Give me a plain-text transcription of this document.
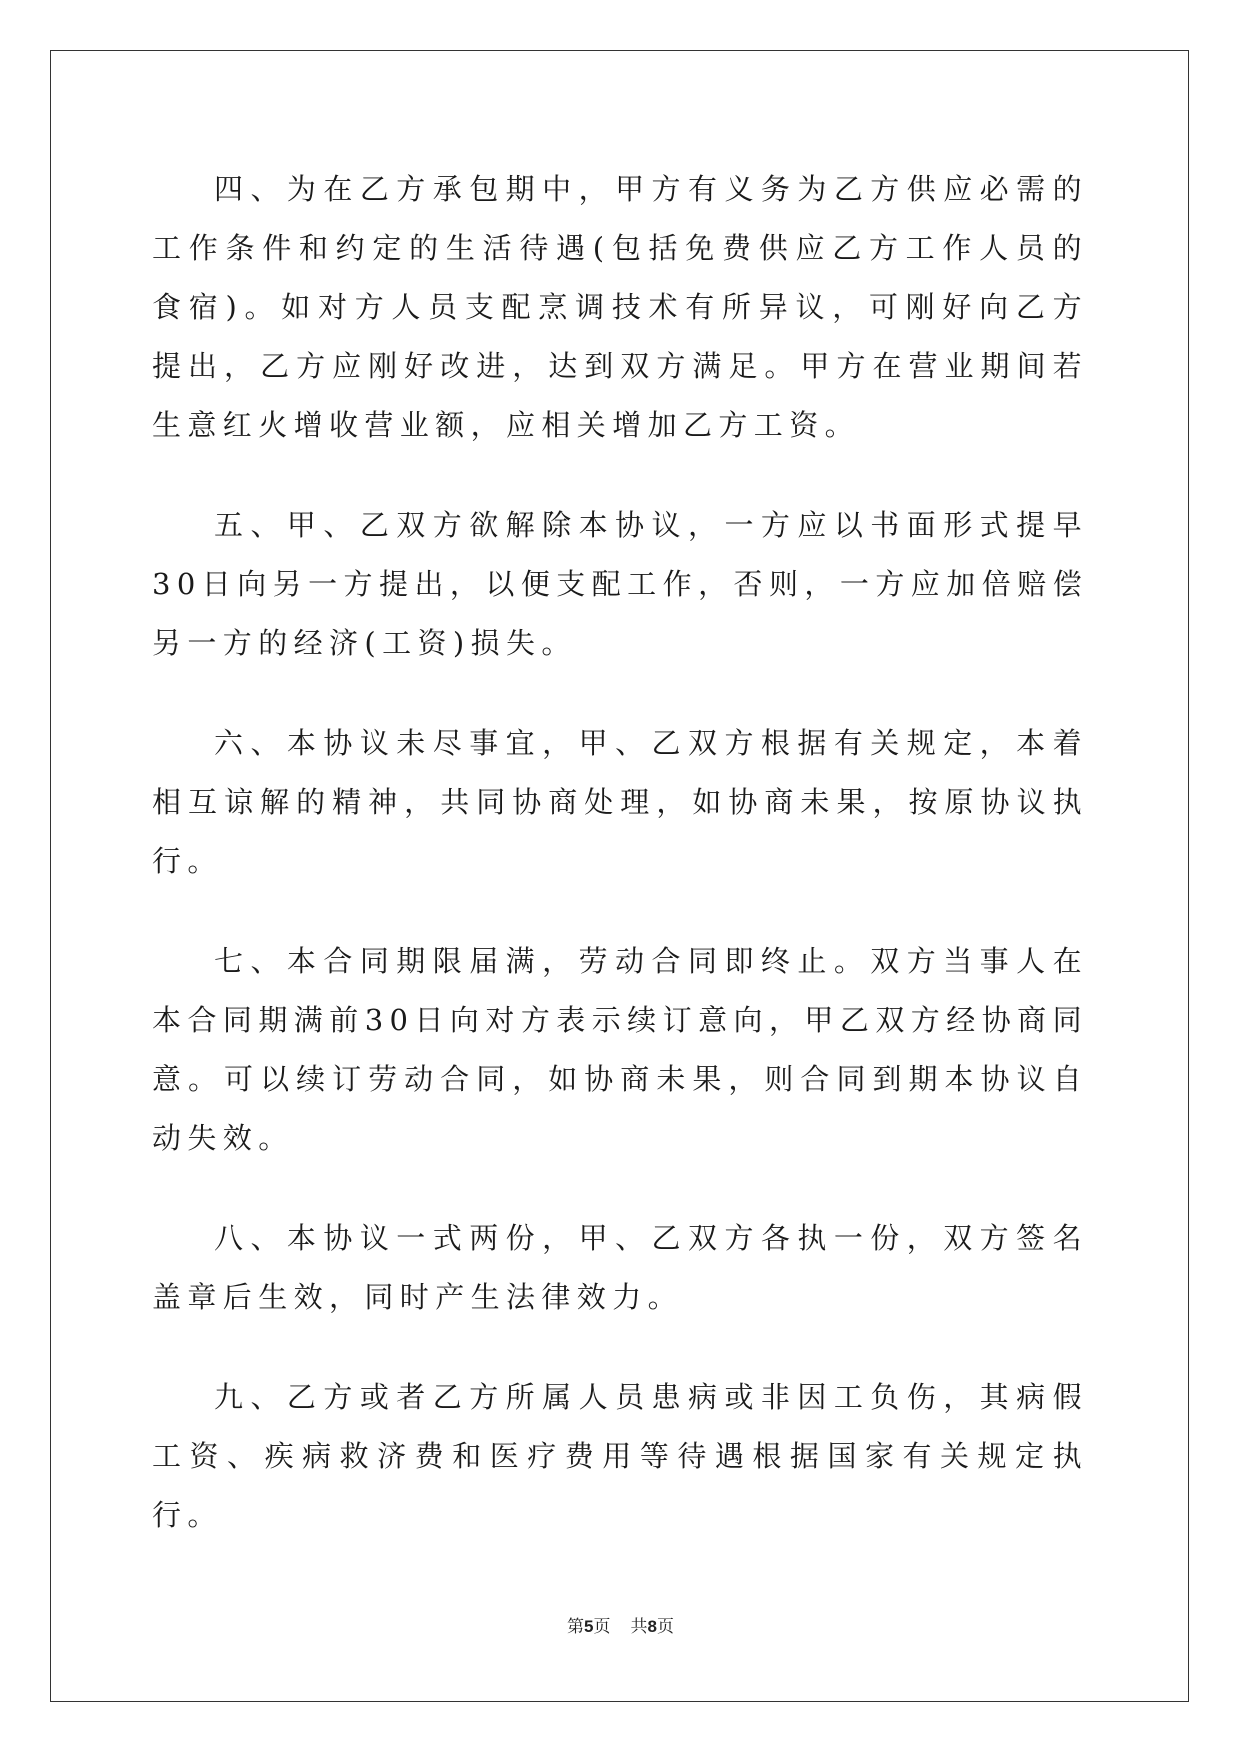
四、为在乙方承包期中，甲方有义务为乙方供应必需的工作条件和约定的生活待遇(包括免费供应乙方工作人员的食宿)。如对方人员支配烹调技术有所异议，可刚好向乙方提出，乙方应刚好改进，达到双方满足。甲方在营业期间若生意红火增收营业额，应相关增加乙方工资。

五、甲、乙双方欲解除本协议，一方应以书面形式提早30日向另一方提出，以便支配工作，否则，一方应加倍赔偿另一方的经济(工资)损失。

六、本协议未尽事宜，甲、乙双方根据有关规定，本着相互谅解的精神，共同协商处理，如协商未果，按原协议执行。

七、本合同期限届满，劳动合同即终止。双方当事人在本合同期满前30日向对方表示续订意向，甲乙双方经协商同意。可以续订劳动合同，如协商未果，则合同到期本协议自动失效。

八、本协议一式两份，甲、乙双方各执一份，双方签名盖章后生效，同时产生法律效力。

九、乙方或者乙方所属人员患病或非因工负伤，其病假工资、疾病救济费和医疗费用等待遇根据国家有关规定执行。

第5页 共8页
